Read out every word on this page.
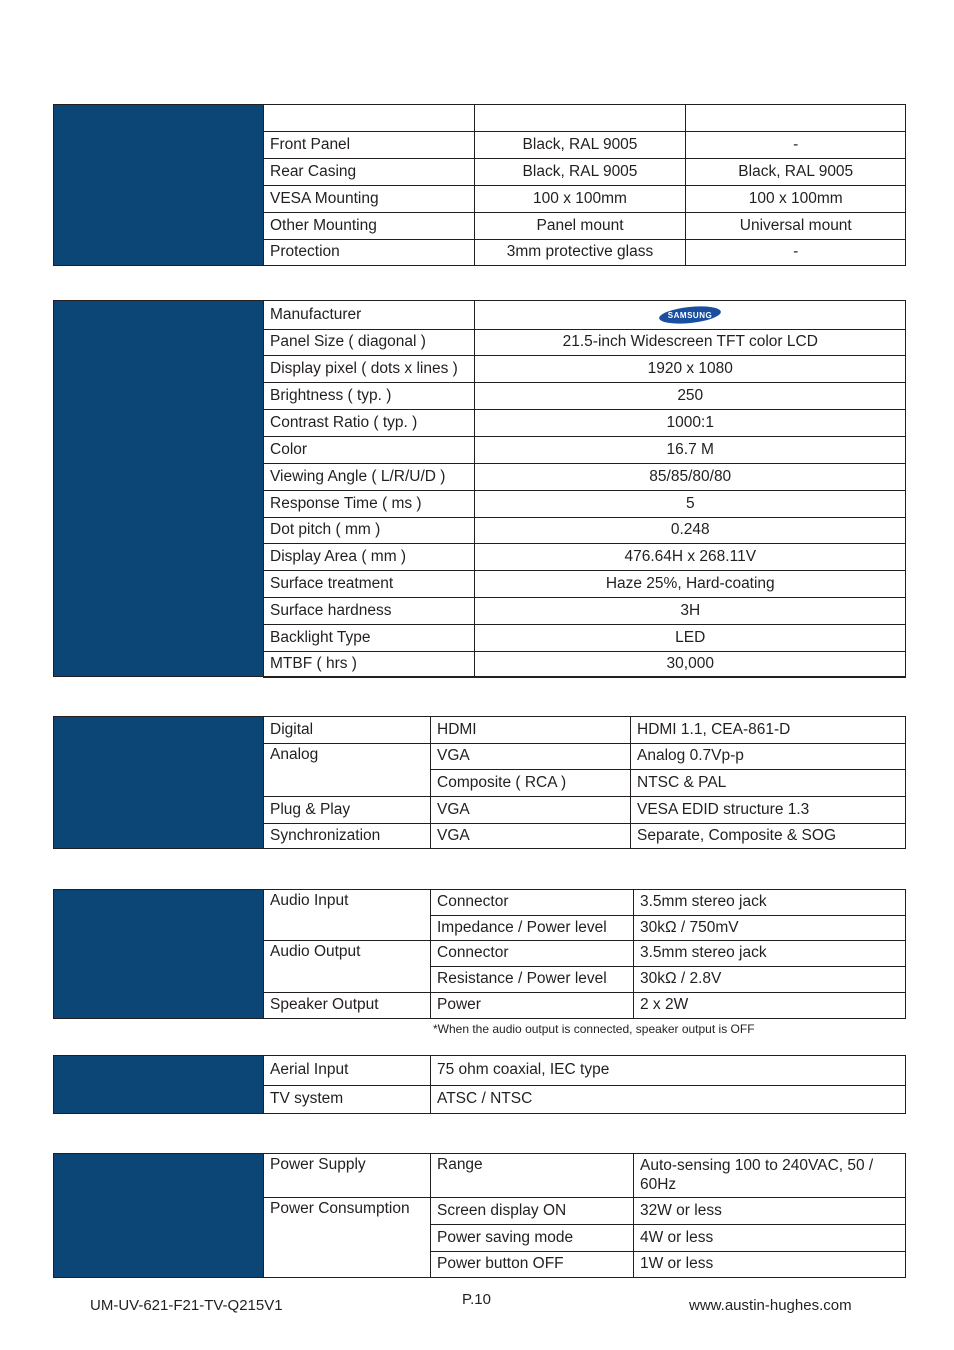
Front Panel	Black, RAL 9005	-
Rear Casing	Black, RAL 9005	Black, RAL 9005
VESA Mounting	100 x 100mm	100 x 100mm
Other Mounting	Panel mount	Universal mount
Protection	3mm protective glass	-
Manufacturer	SAMSUNG

Panel Size ( diagonal )	21.5-inch Widescreen TFT color LCD
Display pixel ( dots x lines )	1920 x 1080
Brightness ( typ. )	250
Contrast Ratio ( typ. )	1000:1
Color	16.7 M
Viewing Angle ( L/R/U/D )	85/85/80/80
Response Time ( ms )	5
Dot pitch ( mm )	0.248
Display Area ( mm )	476.64H x 268.11V
Surface treatment	Haze 25%, Hard-coating
Surface hardness	3H
Backlight Type	LED
MTBF ( hrs )	30,000
Digital	HDMI	HDMI 1.1, CEA-861-D
Analog	VGA	Analog 0.7Vp-p
	Composite ( RCA )	NTSC & PAL
Plug & Play	VGA	VESA EDID structure 1.3
Synchronization	VGA	Separate, Composite & SOG
Audio Input	Connector	3.5mm stereo jack
	Impedance / Power level	30kΩ / 750mV
Audio Output	Connector	3.5mm stereo jack
	Resistance / Power level	30kΩ / 2.8V
Speaker Output	Power	2 x 2W
*When the audio output is connected, speaker output is OFF
Aerial Input	75 ohm coaxial, IEC type
TV system	ATSC / NTSC
Power Supply	Range	Auto-sensing 100 to 240VAC, 50 / 60Hz
Power Consumption	Screen display ON	32W or less
	Power saving mode	4W or less
	Power button OFF	1W or less
UM-UV-621-F21-TV-Q215V1	P.10	www.austin-hughes.com
